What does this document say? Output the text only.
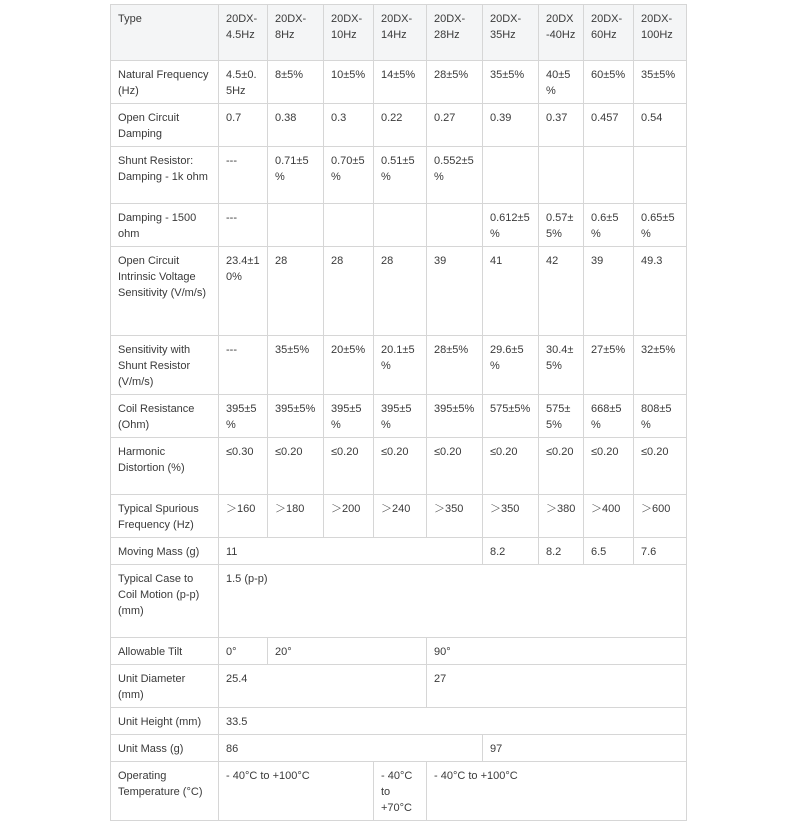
Type	20DX-4.5Hz	20DX-8Hz	20DX-10Hz	20DX-14Hz	20DX-28Hz	20DX-35Hz	20DX-40Hz	20DX-60Hz	20DX-100Hz
Natural Frequency (Hz)	4.5±0.5Hz	8±5%	10±5%	14±5%	28±5%	35±5%	40±5%	60±5%	35±5%
Open Circuit Damping	0.7	0.38	0.3	0.22	0.27	0.39	0.37	0.457	0.54
Shunt Resistor: Damping - 1k ohm	---	0.71±5%	0.70±5%	0.51±5%	0.552±5%				
Damping - 1500 ohm	---					0.612±5%	0.57±5%	0.6±5%	0.65±5%
Open Circuit Intrinsic Voltage Sensitivity (V/m/s)	23.4±10%	28	28	28	39	41	42	39	49.3
Sensitivity with Shunt Resistor (V/m/s)	---	35±5%	20±5%	20.1±5%	28±5%	29.6±5%	30.4±5%	27±5%	32±5%
Coil Resistance (Ohm)	395±5%	395±5%	395±5%	395±5%	395±5%	575±5%	575±5%	668±5%	808±5%
Harmonic Distortion (%)	≤0.30	≤0.20	≤0.20	≤0.20	≤0.20	≤0.20	≤0.20	≤0.20	≤0.20
Typical Spurious Frequency (Hz)	＞160	＞180	＞200	＞240	＞350	＞350	＞380	＞400	＞600
Moving Mass (g)	11					8.2	8.2	6.5	7.6
Typical Case to Coil Motion (p-p) (mm)	1.5 (p-p)								
Allowable Tilt	0°	20°			90°				
Unit Diameter (mm)	25.4				27				
Unit Height (mm)	33.5								
Unit Mass (g)	86					97			
Operating Temperature (°C)	- 40°C to +100°C			- 40°C to +70°C	- 40°C to +100°C				
